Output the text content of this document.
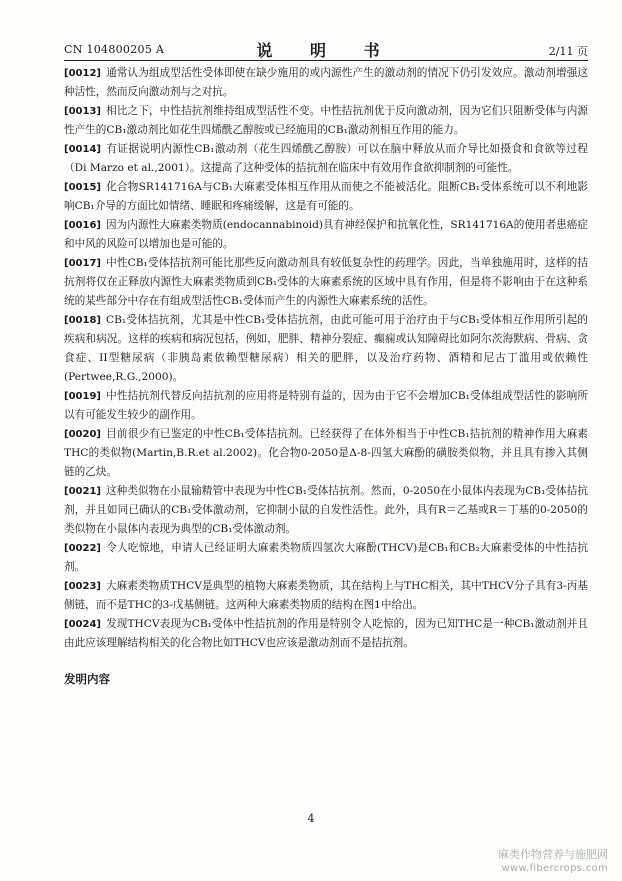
CN 104800205 A	说 明 书	2/11 页

[0012] 通常认为组成型活性受体即使在缺少施用的或内源性产生的激动剂的情况下仍引发效应。激动剂增强这种活性，然而反向激动剂与之对抗。

[0013] 相比之下，中性拮抗剂维持组成型活性不变。中性拮抗剂优于反向激动剂，因为它们只阻断受体与内源性产生的CB₁激动剂比如花生四烯酰乙醇胺或已经施用的CB₁激动剂相互作用的能力。

[0014] 有证据说明内源性CB₁激动剂（花生四烯酰乙醇胺）可以在脑中释放从而介导比如摄食和食欲等过程（Di Marzo et al.,2001）。这提高了这种受体的拮抗剂在临床中有效用作食欲抑制剂的可能性。

[0015] 化合物SR141716A与CB₁大麻素受体相互作用从而使之不能被活化。阻断CB₁受体系统可以不利地影响CB₁介导的方面比如情绪、睡眠和疼痛缓解，这是有可能的。

[0016] 因为内源性大麻素类物质(endocannabinoid)具有神经保护和抗氧化性，SR141716A的使用者患癌症和中风的风险可以增加也是可能的。

[0017] 中性CB₁受体拮抗剂可能比那些反向激动剂具有较低复杂性的药理学。因此，当单独施用时，这样的拮抗剂将仅在正释放内源性大麻素类物质到CB₁受体的大麻素系统的区域中具有作用，但是将不影响由于在这种系统的某些部分中存在有组成型活性CB₁受体而产生的内源性大麻素系统的活性。

[0018] CB₁受体拮抗剂，尤其是中性CB₁受体拮抗剂，由此可能可用于治疗由于与CB₁受体相互作用所引起的疾病和病况。这样的疾病和病况包括，例如，肥胖、精神分裂症、癫痫或认知障碍比如阿尔茨海默病、骨病、贪食症、II型糖尿病（非胰岛素依赖型糖尿病）相关的肥胖，以及治疗药物、酒精和尼古丁滥用或依赖性(Pertwee,R.G.,2000)。

[0019] 中性拮抗剂代替反向拮抗剂的应用将是特别有益的，因为由于它不会增加CB₁受体组成型活性的影响所以有可能发生较少的副作用。

[0020] 目前很少有已鉴定的中性CB₁受体拮抗剂。已经获得了在体外相当于中性CB₁拮抗剂的精神作用大麻素THC的类似物(Martin,B.R.et al.2002)。化合物0-2050是Δ-8-四氢大麻酚的磺胺类似物，并且具有掺入其侧链的乙炔。

[0021] 这种类似物在小鼠输精管中表现为中性CB₁受体拮抗剂。然而，0-2050在小鼠体内表现为CB₁受体拮抗剂，并且如同已确认的CB₁受体激动剂，它抑制小鼠的自发性活性。此外，具有R＝乙基或R＝丁基的0-2050的类似物在小鼠体内表现为典型的CB₁受体激动剂。

[0022] 令人吃惊地，申请人已经证明大麻素类物质四氢次大麻酚(THCV)是CB₁和CB₂大麻素受体的中性拮抗剂。

[0023] 大麻素类物质THCV是典型的植物大麻素类物质，其在结构上与THC相关，其中THCV分子具有3-丙基侧链，而不是THC的3-戊基侧链。这两种大麻素类物质的结构在图1中给出。

[0024] 发现THCV表现为CB₁受体中性拮抗剂的作用是特别令人吃惊的，因为已知THC是一种CB₁激动剂并且由此应该理解结构相关的化合物比如THCV也应该是激动剂而不是拮抗剂。

发明内容
4
麻类作物营养与施肥网
www.fibercrops.com
